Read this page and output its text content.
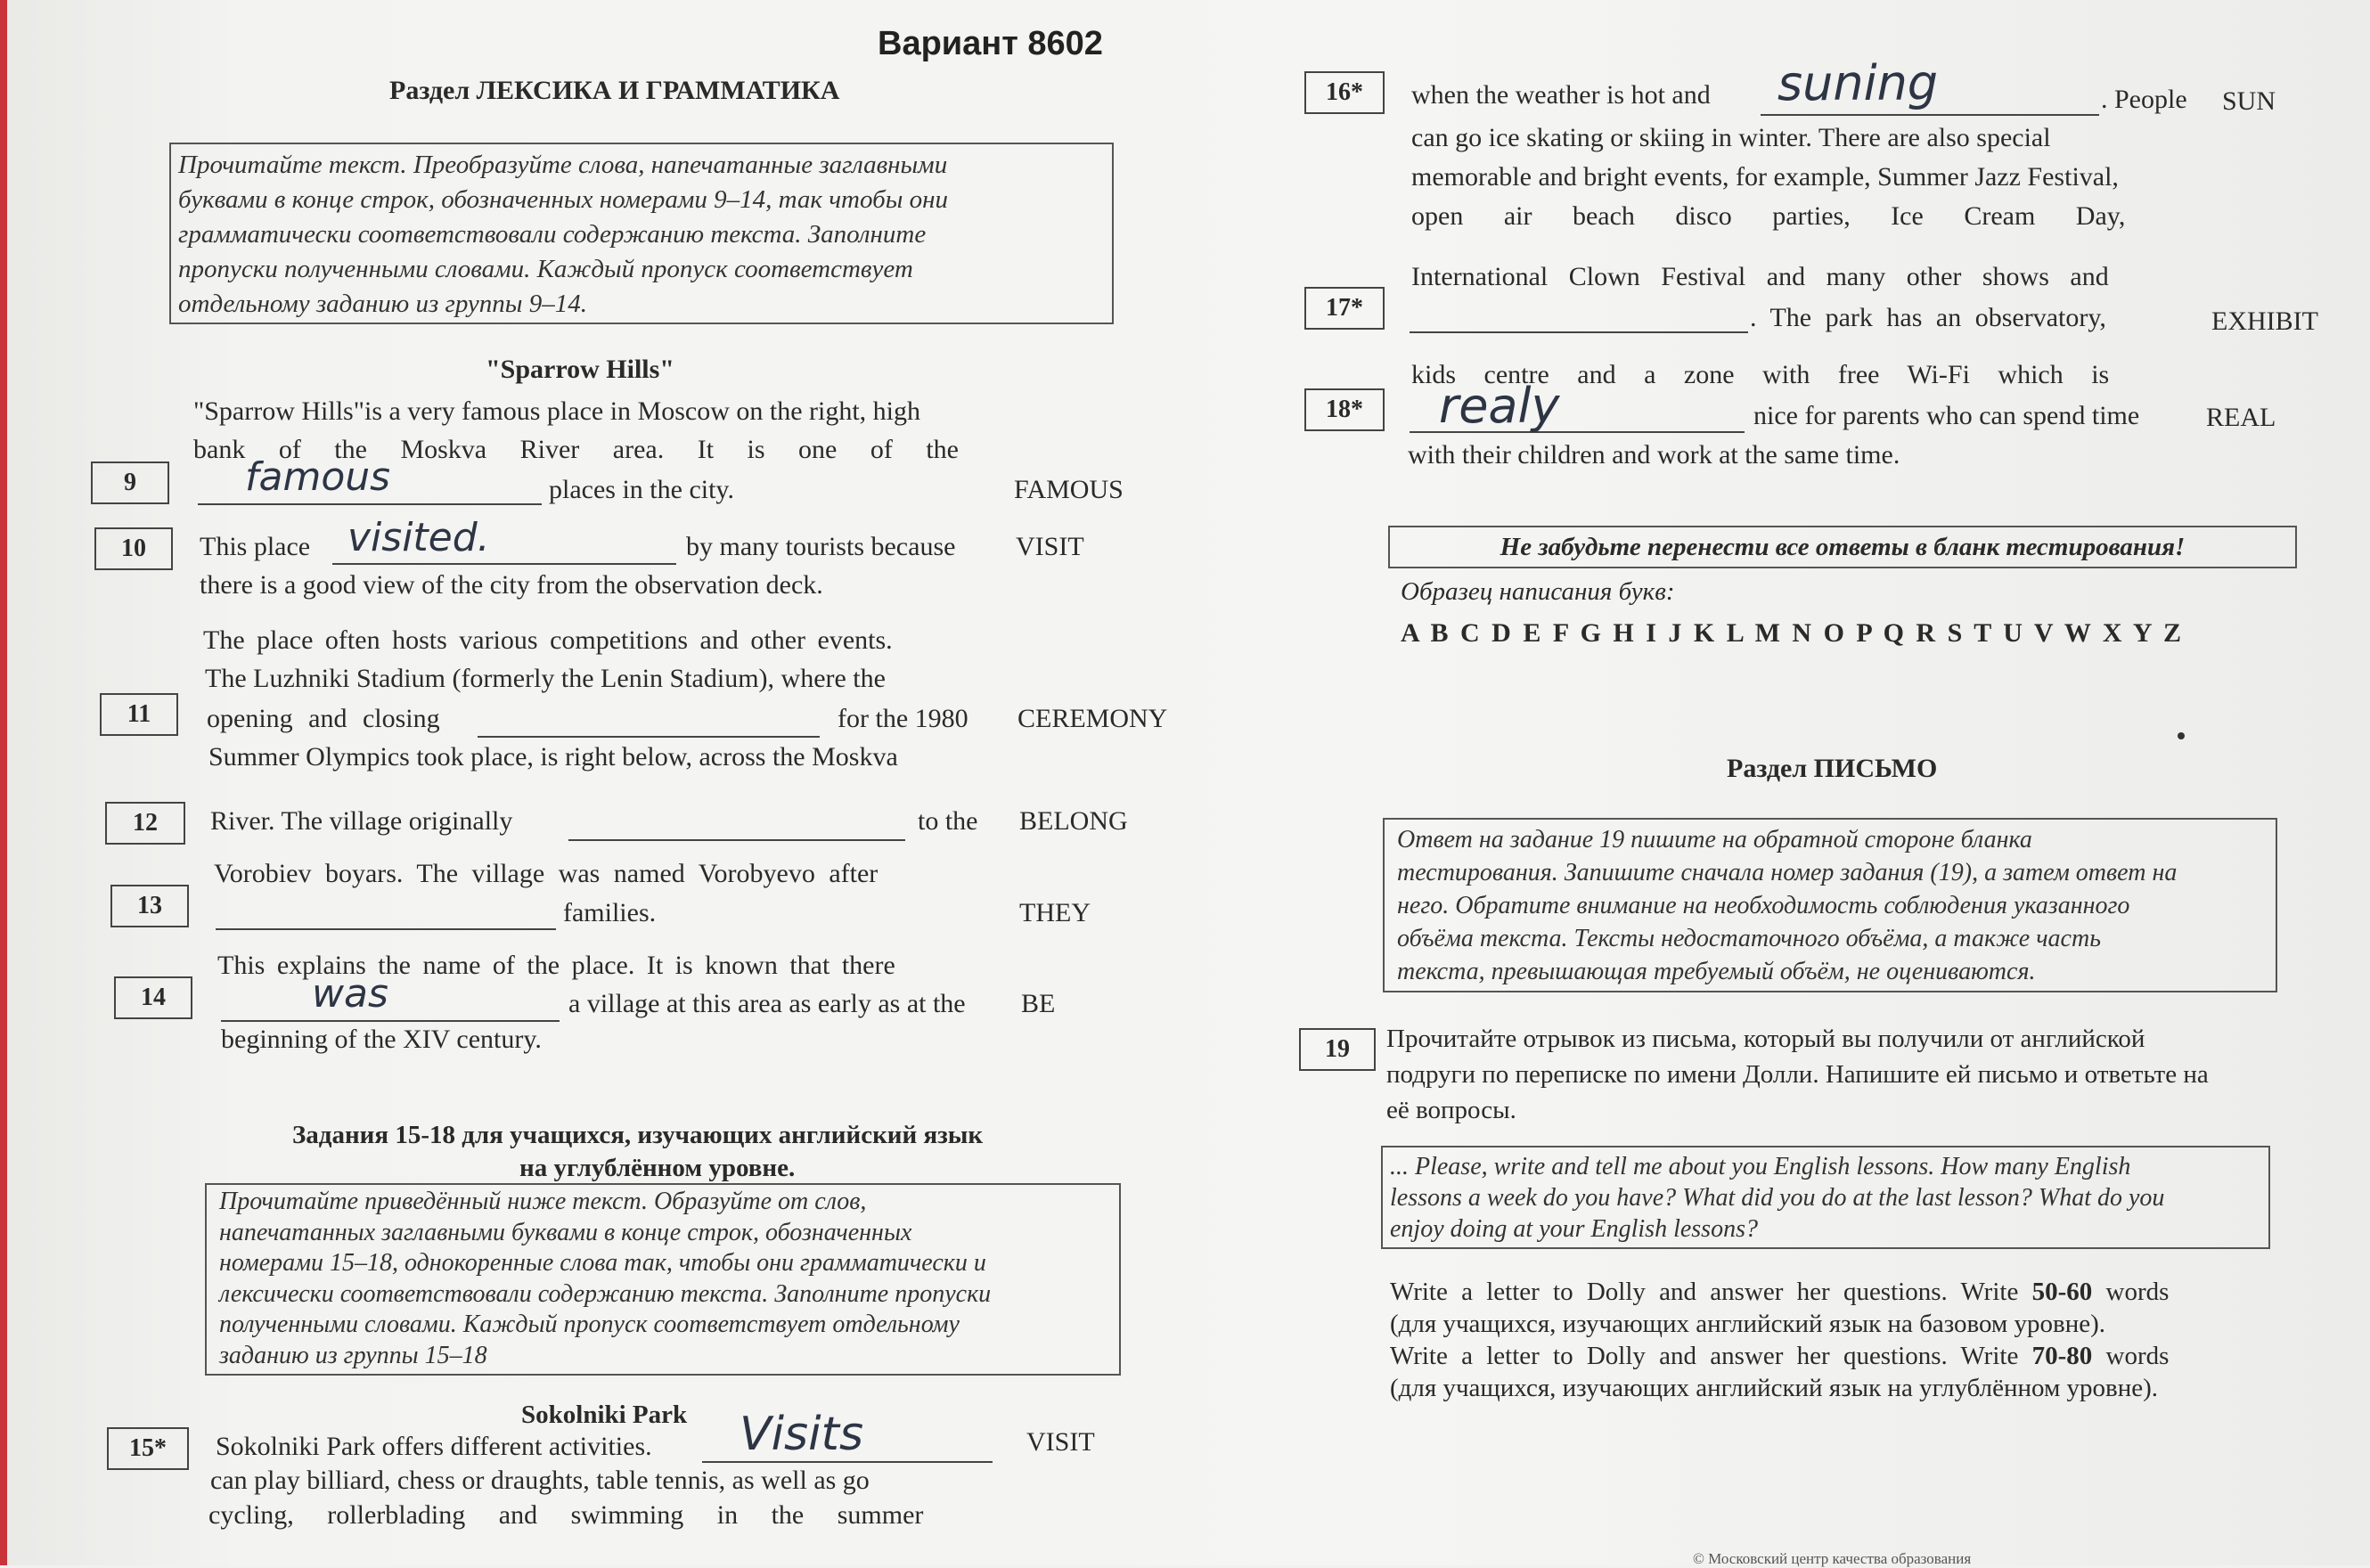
Вариант 8602
Раздел ЛЕКСИКА И ГРАММАТИКА
Прочитайте текст. Преобразуйте слова, напечатанные заглавными
буквами в конце строк, обозначенных номерами 9–14, так чтобы они
грамматически соответствовали содержанию текста. Заполните
пропуски полученными словами. Каждый пропуск соответствует
отдельному заданию из группы 9–14.
"Sparrow Hills"
"Sparrow Hills"is a very famous place in Moscow on the right, high
bank of the Moskva River area. It is one of the
9	famous	places in the city.	FAMOUS
10	This place visited.	by many tourists because VISIT
there is a good view of the city from the observation deck.
The place often hosts various competitions and other events.
The Luzhniki Stadium (formerly the Lenin Stadium), where the
11	opening and closing	for the 1980 CEREMONY
Summer Olympics took place, is right below, across the Moskva
12	River. The village originally	to the BELONG
Vorobiev boyars. The village was named Vorobyevo after
13	families.	THEY
This explains the name of the place. It is known that there
14	was	a village at this area as early as at the BE
beginning of the XIV century.
Задания 15-18 для учащихся, изучающих английский язык
на углублённом уровне.
Прочитайте приведённый ниже текст. Образуйте от слов,
напечатанных заглавными буквами в конце строк, обозначенных
номерами 15–18, однокоренные слова так, чтобы они грамматически и
лексически соответствовали содержанию текста. Заполните пропуски
полученными словами. Каждый пропуск соответствует отдельному
заданию из группы 15–18
Sokolniki Park
15*	Sokolniki Park offers different activities. Visits	VISIT
can play billiard, chess or draughts, table tennis, as well as go
cycling, rollerblading and swimming in the summer
16*	when the weather is hot and suning	. People SUN
can go ice skating or skiing in winter. There are also special
memorable and bright events, for example, Summer Jazz Festival,
open air beach disco parties, Ice Cream Day,
International Clown Festival and many other shows and
17*	. The park has an observatory,	EXHIBIT
kids centre and a zone with free Wi-Fi which is
18*	realy	nice for parents who can spend time REAL
with their children and work at the same time.
Не забудьте перенести все ответы в бланк тестирования!
Образец написания букв:
A B C D E F G H I J K L M N O P Q R S T U V W X Y Z
Раздел ПИСЬМО
Ответ на задание 19 пишите на обратной стороне бланка
тестирования. Запишите сначала номер задания (19), а затем ответ на
него. Обратите внимание на необходимость соблюдения указанного
объёма текста. Тексты недостаточного объёма, а также часть
текста, превышающая требуемый объём, не оцениваются.
19	Прочитайте отрывок из письма, который вы получили от английской
подруги по переписке по имени Долли. Напишите ей письмо и ответьте на
её вопросы.
... Please, write and tell me about you English lessons. How many English
lessons a week do you have? What did you do at the last lesson? What do you
enjoy doing at your English lessons?
Write a letter to Dolly and answer her questions. Write 50-60 words
(для учащихся, изучающих английский язык на базовом уровне).
Write a letter to Dolly and answer her questions. Write 70-80 words
(для учащихся, изучающих английский язык на углублённом уровне).
© Московский центр качества образования
